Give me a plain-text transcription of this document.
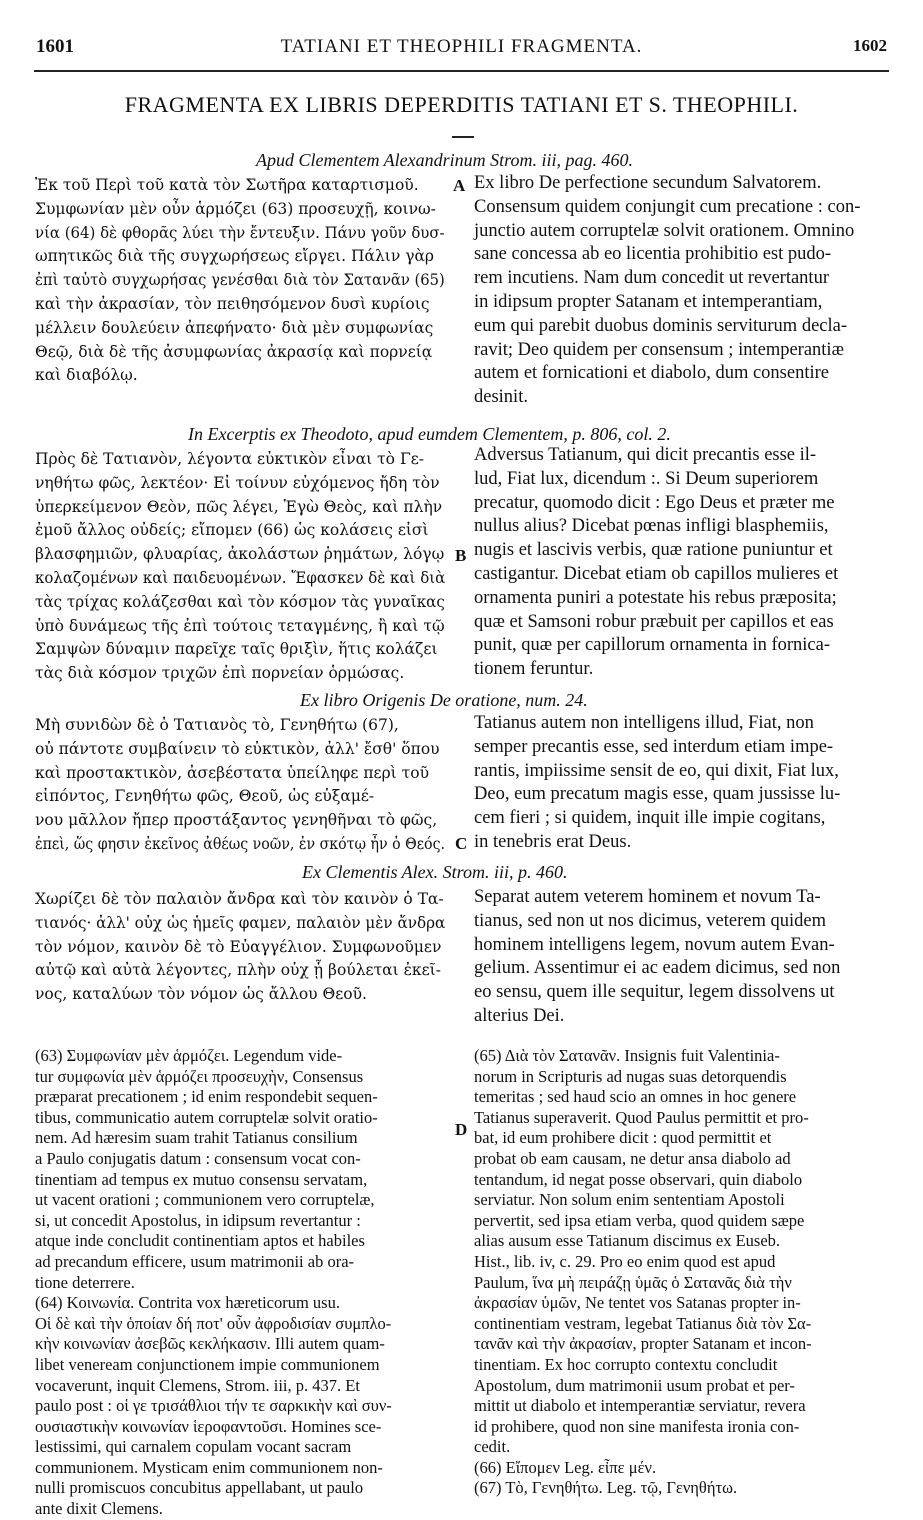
1601	TATIANI ET THEOPHILI FRAGMENTA.	1602
FRAGMENTA EX LIBRIS DEPERDITIS TATIANI ET S. THEOPHILI.
Apud Clementem Alexandrinum Strom. iii, pag. 460.
Ἐκ τοῦ Περὶ τοῦ κατὰ τὸν Σωτῆρα καταρτισμοῦ.
Συμφωνίαν μὲν οὖν ἁρμόζει (63) προσευχῇ, κοινω-
νία (64) δὲ φθορᾶς λύει τὴν ἔντευξιν. Πάνυ γοῦν δυσ-
ωπητικῶς διὰ τῆς συγχωρήσεως εἴργει. Πάλιν γὰρ
ἐπὶ ταὐτὸ συγχωρήσας γενέσθαι διὰ τὸν Σατανᾶν (65)
καὶ τὴν ἀκρασίαν, τὸν πειθησόμενον δυσὶ κυρίοις
μέλλειν δουλεύειν ἀπεφήνατο· διὰ μὲν συμφωνίας
Θεῷ, διὰ δὲ τῆς ἀσυμφωνίας ἀκρασίᾳ καὶ πορνείᾳ
καὶ διαβόλῳ.
A Ex libro De perfectione secundum Salvatorem.
Consensum quidem conjungit cum precatione : con-
junctio autem corruptelæ solvit orationem. Omnino
sane concessa ab eo licentia prohibitio est pudo-
rem incutiens. Nam dum concedit ut revertantur
in idipsum propter Satanam et intemperantiam,
eum qui parebit duobus dominis serviturum decla-
ravit; Deo quidem per consensum ; intemperantiæ
autem et fornicationi et diabolo, dum consentire
desinit.
In Excerptis ex Theodoto, apud eumdem Clementem, p. 806, col. 2.
Πρὸς δὲ Τατιανὸν, λέγοντα εὐκτικὸν εἶναι τὸ Γε-
νηθήτω φῶς, λεκτέον· Εἰ τοίνυν εὐχόμενος ἤδη τὸν
ὑπερκείμενον Θεὸν, πῶς λέγει, Ἐγὼ Θεὸς, καὶ πλὴν
ἐμοῦ ἄλλος οὐδείς; εἴπομεν (66) ὡς κολάσεις εἰσὶ
βλασφημιῶν, φλυαρίας, ἀκολάστων ῥημάτων, λόγῳ
κολαζομένων καὶ παιδευομένων. Ἔφασκεν δὲ καὶ διὰ
τὰς τρίχας κολάζεσθαι καὶ τὸν κόσμον τὰς γυναῖκας
ὑπὸ δυνάμεως τῆς ἐπὶ τούτοις τεταγμένης, ἢ καὶ τῷ
Σαμψὼν δύναμιν παρεῖχε ταῖς θριξὶν, ἥτις κολάζει
τὰς διὰ κόσμον τριχῶν ἐπὶ πορνείαν ὁρμώσας.
B
Adversus Tatianum, qui dicit precantis esse il-
lud, Fiat lux, dicendum :. Si Deum superiorem
precatur, quomodo dicit : Ego Deus et præter me
nullus alius? Dicebat pœnas infligi blasphemiis,
nugis et lascivis verbis, quæ ratione puniuntur et
castigantur. Dicebat etiam ob capillos mulieres et
ornamenta puniri a potestate his rebus præposita;
quæ et Samsoni robur præbuit per capillos et eas
punit, quæ per capillorum ornamenta in fornica-
tionem feruntur.
Ex libro Origenis De oratione, num. 24.
Μὴ συνιδὼν δὲ ὁ Τατιανὸς τὸ, Γενηθήτω (67),
οὐ πάντοτε συμβαίνειν τὸ εὐκτικὸν, ἀλλ' ἔσθ' ὅπου
καὶ προστακτικὸν, ἀσεβέστατα ὑπείληφε περὶ τοῦ
εἰπόντος, Γενηθήτω φῶς, Θεοῦ, ὡς εὐξαμέ-
νου μᾶλλον ἤπερ προστάξαντος γενηθῆναι τὸ φῶς,
ἐπεὶ, ὥς φησιν ἐκεῖνος ἀθέως νοῶν, ἐν σκότῳ ἦν ὁ Θεός. C
Tatianus autem non intelligens illud, Fiat, non
semper precantis esse, sed interdum etiam impe-
rantis, impiissime sensit de eo, qui dixit, Fiat lux,
Deo, eum precatum magis esse, quam jussisse lu-
cem fieri ; si quidem, inquit ille impie cogitans,
in tenebris erat Deus.
Ex Clementis Alex. Strom. iii, p. 460.
Χωρίζει δὲ τὸν παλαιὸν ἄνδρα καὶ τὸν καινὸν ὁ Τα-
τιανός· ἀλλ' οὐχ ὡς ἡμεῖς φαμεν, παλαιὸν μὲν ἄνδρα
τὸν νόμον, καινὸν δὲ τὸ Εὐαγγέλιον. Συμφωνοῦμεν
αὐτῷ καὶ αὐτὰ λέγοντες, πλὴν οὐχ ᾗ βούλεται ἐκεῖ-
νος, καταλύων τὸν νόμον ὡς ἄλλου Θεοῦ.
Separat autem veterem hominem et novum Ta-
tianus, sed non ut nos dicimus, veterem quidem
hominem intelligens legem, novum autem Evan-
gelium. Assentimur ei ac eadem dicimus, sed non
eo sensu, quem ille sequitur, legem dissolvens ut
alterius Dei.
(63) Συμφωνίαν μὲν ἁρμόζει. Legendum vide-
tur συμφωνία μὲν ἁρμόζει προσευχὴν, Consensus
præparat precationem ; id enim respondebit sequen-
tibus, communicatio autem corruptelæ solvit oratio-
nem. Ad hæresim suam trahit Tatianus consilium
a Paulo conjugatis datum : consensum vocat con-
tinentiam ad tempus ex mutuo consensu servatam,
ut vacent orationi ; communionem vero corruptelæ,
si, ut concedit Apostolus, in idipsum revertantur :
atque inde concludit continentiam aptos et habiles
ad precandum efficere, usum matrimonii ab ora-
tione deterrere.
(64) Κοινωνία. Contrita vox hæreticorum usu.
Οἱ δὲ καὶ τὴν ὁποίαν δή ποτ' οὖν ἀφροδισίαν συμπλο-
κὴν κοινωνίαν ἀσεβῶς κεκλήκασιν. Illi autem quam-
libet veneream conjunctionem impie communionem
vocaverunt, inquit Clemens, Strom. iii, p. 437. Et
paulo post : οἱ γε τρισάθλιοι τήν τε σαρκικὴν καὶ συν-
ουσιαστικὴν κοινωνίαν ἱεροφαντοῦσι. Homines sce-
lestissimi, qui carnalem copulam vocant sacram
communionem. Mysticam enim communionem non-
nulli promiscuos concubitus appellabant, ut paulo
ante dixit Clemens.
D
(65) Διὰ τὸν Σατανᾶν. Insignis fuit Valentinia-
norum in Scripturis ad nugas suas detorquendis
temeritas ; sed haud scio an omnes in hoc genere
Tatianus superaverit. Quod Paulus permittit et pro-
bat, id eum prohibere dicit : quod permittit et
probat ob eam causam, ne detur ansa diabolo ad
tentandum, id negat posse observari, quin diabolo
serviatur. Non solum enim sententiam Apostoli
pervertit, sed ipsa etiam verba, quod quidem sæpe
alias ausum esse Tatianum discimus ex Euseb.
Hist., lib. iv, c. 29. Pro eo enim quod est apud
Paulum, ἵνα μὴ πειράζῃ ὑμᾶς ὁ Σατανᾶς διὰ τὴν
ἀκρασίαν ὑμῶν, Ne tentet vos Satanas propter in-
continentiam vestram, legebat Tatianus διὰ τὸν Σα-
τανᾶν καὶ τὴν ἀκρασίαν, propter Satanam et incon-
tinentiam. Ex hoc corrupto contextu concludit
Apostolum, dum matrimonii usum probat et per-
mittit ut diabolo et intemperantiæ serviatur, revera
id prohibere, quod non sine manifesta ironia con-
cedit.
(66) Εἴπομεν Leg. εἶπε μέν.
(67) Τὸ, Γενηθήτω. Leg. τῷ, Γενηθήτω.
